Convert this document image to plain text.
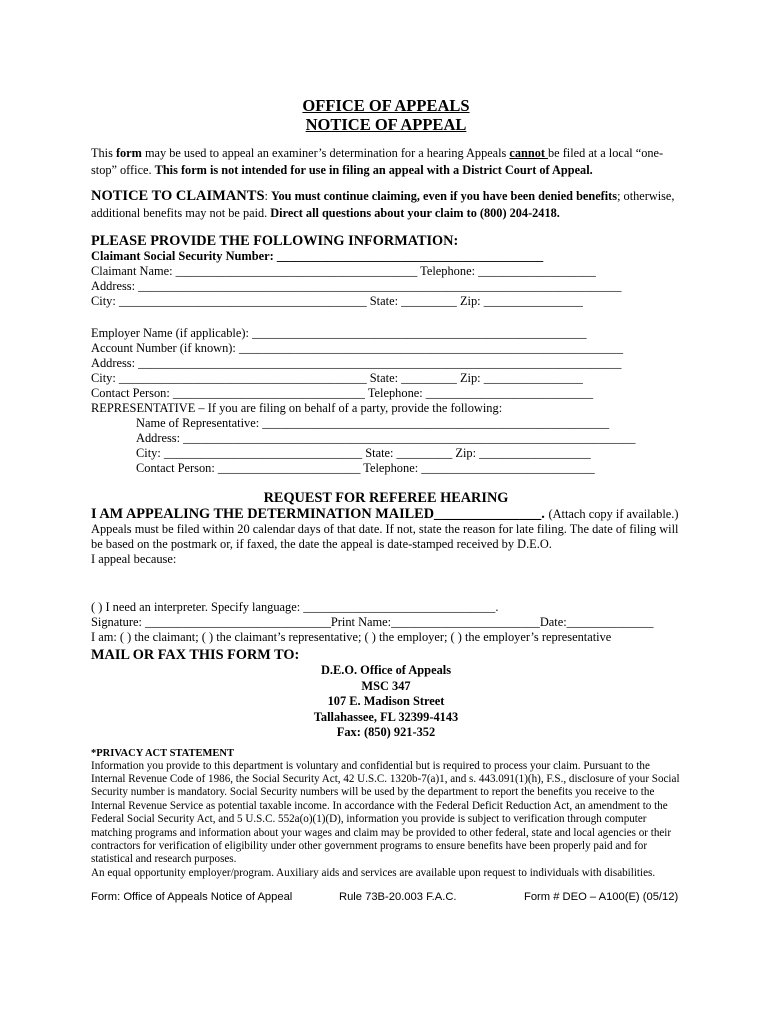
OFFICE OF APPEALS
NOTICE OF APPEAL
This form may be used to appeal an examiner’s determination for a hearing Appeals cannot be filed at a local “one-stop” office. This form is not intended for use in filing an appeal with a District Court of Appeal.
NOTICE TO CLAIMANTS: You must continue claiming, even if you have been denied benefits; otherwise, additional benefits may not be paid. Direct all questions about your claim to (800) 204-2418.
PLEASE PROVIDE THE FOLLOWING INFORMATION:
Claimant Social Security Number: ___________________________________________
Claimant Name: _______________________________________ Telephone: ___________________
Address: ______________________________________________________________________________
City: ________________________________________ State: _________ Zip: ________________
Employer Name (if applicable): ______________________________________________________
Account Number (if known): ______________________________________________________________
Address: ______________________________________________________________________________
City: ________________________________________ State: _________ Zip: ________________
Contact Person: _______________________________ Telephone: ___________________________
REPRESENTATIVE – If you are filing on behalf of a party, provide the following:
Name of Representative: ________________________________________________________
Address: _________________________________________________________________________
City: ________________________________ State: _________ Zip: __________________
Contact Person: _______________________ Telephone: ____________________________
REQUEST FOR REFEREE HEARING
I AM APPEALING THE DETERMINATION MAILED_______________. (Attach copy if available.)
Appeals must be filed within 20 calendar days of that date. If not, state the reason for late filing. The date of filing will be based on the postmark or, if faxed, the date the appeal is date-stamped received by D.E.O.
I appeal because:
( ) I need an interpreter. Specify language: _______________________________.
Signature: ______________________________Print Name:________________________Date:______________
I am: ( ) the claimant; ( ) the claimant’s representative; ( ) the employer; ( ) the employer’s representative
MAIL OR FAX THIS FORM TO:
D.E.O. Office of Appeals
MSC 347
107 E. Madison Street
Tallahassee, FL 32399-4143
Fax: (850) 921-352
*PRIVACY ACT STATEMENT
Information you provide to this department is voluntary and confidential but is required to process your claim. Pursuant to the Internal Revenue Code of 1986, the Social Security Act, 42 U.S.C. 1320b-7(a)1, and s. 443.091(1)(h), F.S., disclosure of your Social Security number is mandatory. Social Security numbers will be used by the department to report the benefits you receive to the Internal Revenue Service as potential taxable income. In accordance with the Federal Deficit Reduction Act, an amendment to the Federal Social Security Act, and 5 U.S.C. 552a(o)(1)(D), information you provide is subject to verification through computer matching programs and information about your wages and claim may be provided to other federal, state and local agencies or their contractors for verification of eligibility under other government programs to ensure benefits have been properly paid and for statistical and research purposes.
An equal opportunity employer/program. Auxiliary aids and services are available upon request to individuals with disabilities.
Form: Office of Appeals Notice of Appeal	Rule 73B-20.003 F.A.C.	Form # DEO – A100(E) (05/12)
